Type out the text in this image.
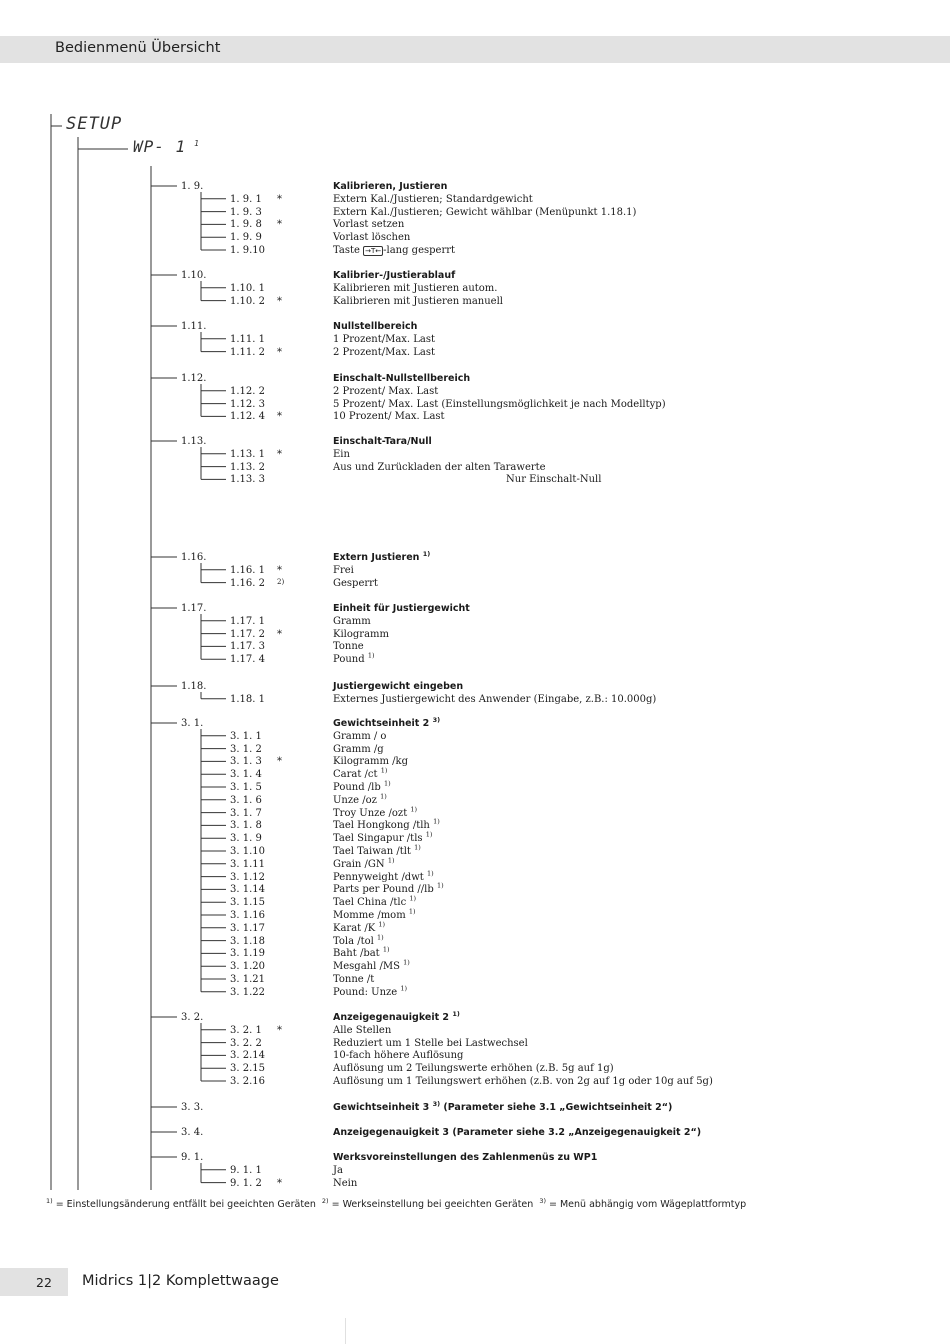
Bedienmenü Übersicht
SETUP
WP- 1 $^1$
1. 9.	Kalibrieren, Justieren
1. 9. 1 *	Extern Kal./Justieren; Standardgewicht
1. 9. 3	Extern Kal./Justieren; Gewicht wählbar (Menüpunkt 1.18.1)
1. 9. 8 *	Vorlast setzen
1. 9. 9	Vorlast löschen
1. 9.10	Taste →T← -lang gesperrt
1.10.	Kalibrier-/Justierablauf
1.10. 1	Kalibrieren mit Justieren autom.
1.10. 2 *	Kalibrieren mit Justieren manuell
1.11.	Nullstellbereich
1.11. 1	1 Prozent/Max. Last
1.11. 2 *	2 Prozent/Max. Last
1.12.	Einschalt-Nullstellbereich
1.12. 2	2 Prozent/ Max. Last
1.12. 3	5 Prozent/ Max. Last (Einstellungsmöglichkeit je nach Modelltyp)
1.12. 4 *	10 Prozent/ Max. Last
1.13.	Einschalt-Tara/Null
1.13. 1 *	Ein
1.13. 2	Aus und Zurückladen der alten Tarawerte
1.13. 3	Nur Einschalt-Null
1.16.	Extern Justieren $^{1)}$
1.16. 1 *	Frei
1.16. 2 2)	Gesperrt
1.17.	Einheit für Justiergewicht
1.17. 1	Gramm
1.17. 2 *	Kilogramm
1.17. 3	Tonne
1.17. 4	Pound $^{1)}$
1.18.	Justiergewicht eingeben
1.18. 1	Externes Justiergewicht des Anwender (Eingabe, z.B.: 10.000g)
3. 1.	Gewichtseinheit 2 $^{3)}$
3. 1. 1	Gramm / o
3. 1. 2	Gramm /g
3. 1. 3 *	Kilogramm /kg
3. 1. 4	Carat /ct $^{1)}$
3. 1. 5	Pound /lb $^{1)}$
3. 1. 6	Unze /oz $^{1)}$
3. 1. 7	Troy Unze /ozt $^{1)}$
3. 1. 8	Tael Hongkong /tlh $^{1)}$
3. 1. 9	Tael Singapur /tls $^{1)}$
3. 1.10	Tael Taiwan /tlt $^{1)}$
3. 1.11	Grain /GN $^{1)}$
3. 1.12	Pennyweight /dwt $^{1)}$
3. 1.14	Parts per Pound //lb $^{1)}$
3. 1.15	Tael China /tlc $^{1)}$
3. 1.16	Momme /mom $^{1)}$
3. 1.17	Karat /K $^{1)}$
3. 1.18	Tola /tol $^{1)}$
3. 1.19	Baht /bat $^{1)}$
3. 1.20	Mesgahl /MS $^{1)}$
3. 1.21	Tonne /t
3. 1.22	Pound: Unze $^{1)}$
3. 2.	Anzeigegenauigkeit 2 $^{1)}$
3. 2. 1 *	Alle Stellen
3. 2. 2	Reduziert um 1 Stelle bei Lastwechsel
3. 2.14	10-fach höhere Auflösung
3. 2.15	Auflösung um 2 Teilungswerte erhöhen (z.B. 5g auf 1g)
3. 2.16	Auflösung um 1 Teilungswert erhöhen (z.B. von 2g auf 1g oder 10g auf 5g)
3. 3.	Gewichtseinheit 3 $^{3)}$ (Parameter siehe 3.1 „Gewichtseinheit 2“)
3. 4.	Anzeigegenauigkeit 3 (Parameter siehe 3.2 „Anzeigegenauigkeit 2“)
9. 1.	Werksvoreinstellungen des Zahlenmenüs zu WP1
9. 1. 1	Ja
9. 1. 2 *	Nein
$^{1)}$ = Einstellungsänderung entfällt bei geeichten Geräten $^{2)}$ = Werkseinstellung bei geeichten Geräten $^{3)}$ = Menü abhängig vom Wägeplattformtyp
22 Midrics 1|2 Komplettwaage
